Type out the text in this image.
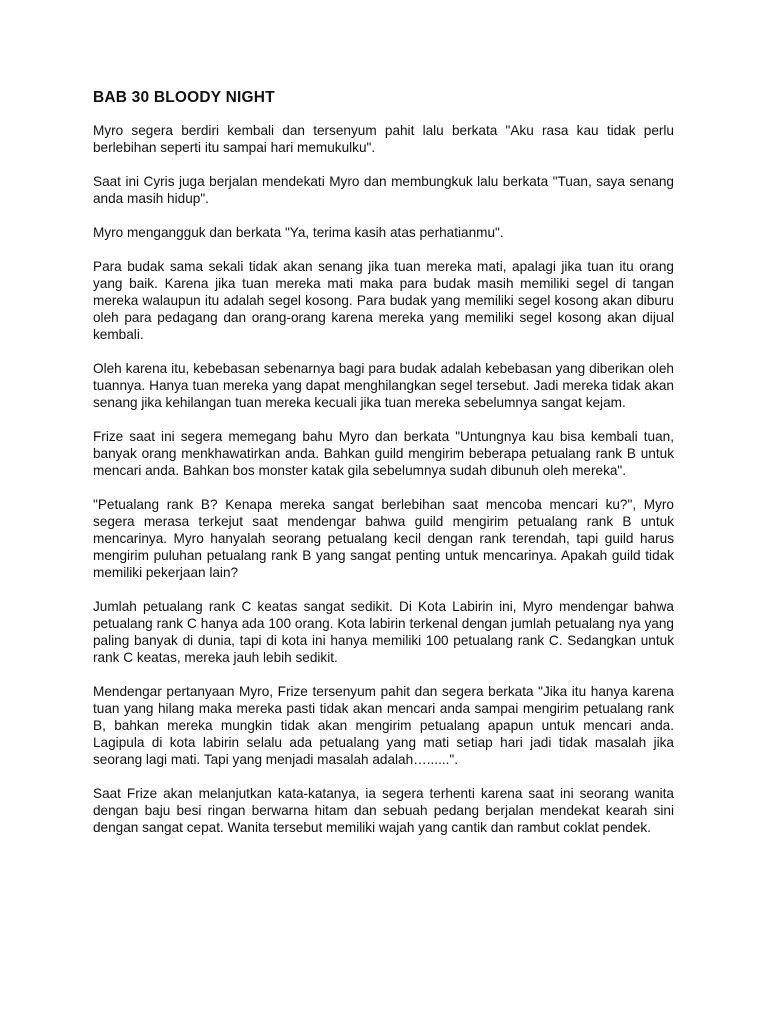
BAB 30 BLOODY NIGHT

Myro segera berdiri kembali dan tersenyum pahit lalu berkata "Aku rasa kau tidak perlu berlebihan seperti itu sampai hari memukulku".

Saat ini Cyris juga berjalan mendekati Myro dan membungkuk lalu berkata "Tuan, saya senang anda masih hidup".

Myro mengangguk dan berkata "Ya, terima kasih atas perhatianmu".

Para budak sama sekali tidak akan senang jika tuan mereka mati, apalagi jika tuan itu orang yang baik. Karena jika tuan mereka mati maka para budak masih memiliki segel di tangan mereka walaupun itu adalah segel kosong. Para budak yang memiliki segel kosong akan diburu oleh para pedagang dan orang-orang karena mereka yang memiliki segel kosong akan dijual kembali.

Oleh karena itu, kebebasan sebenarnya bagi para budak adalah kebebasan yang diberikan oleh tuannya. Hanya tuan mereka yang dapat menghilangkan segel tersebut. Jadi mereka tidak akan senang jika kehilangan tuan mereka kecuali jika tuan mereka sebelumnya sangat kejam.

Frize saat ini segera memegang bahu Myro dan berkata "Untungnya kau bisa kembali tuan, banyak orang menkhawatirkan anda. Bahkan guild mengirim beberapa petualang rank B untuk mencari anda. Bahkan bos monster katak gila sebelumnya sudah dibunuh oleh mereka".

"Petualang rank B? Kenapa mereka sangat berlebihan saat mencoba mencari ku?", Myro segera merasa terkejut saat mendengar bahwa guild mengirim petualang rank B untuk mencarinya. Myro hanyalah seorang petualang kecil dengan rank terendah, tapi guild harus mengirim puluhan petualang rank B yang sangat penting untuk mencarinya. Apakah guild tidak memiliki pekerjaan lain?

Jumlah petualang rank C keatas sangat sedikit. Di Kota Labirin ini, Myro mendengar bahwa petualang rank C hanya ada 100 orang. Kota labirin terkenal dengan jumlah petualang nya yang paling banyak di dunia, tapi di kota ini hanya memiliki 100 petualang rank C. Sedangkan untuk rank C keatas, mereka jauh lebih sedikit.

Mendengar pertanyaan Myro, Frize tersenyum pahit dan segera berkata "Jika itu hanya karena tuan yang hilang maka mereka pasti tidak akan mencari anda sampai mengirim petualang rank B, bahkan mereka mungkin tidak akan mengirim petualang apapun untuk mencari anda. Lagipula di kota labirin selalu ada petualang yang mati setiap hari jadi tidak masalah jika seorang lagi mati. Tapi yang menjadi masalah adalah…......".

Saat Frize akan melanjutkan kata-katanya, ia segera terhenti karena saat ini seorang wanita dengan baju besi ringan berwarna hitam dan sebuah pedang berjalan mendekat kearah sini dengan sangat cepat. Wanita tersebut memiliki wajah yang cantik dan rambut coklat pendek.
